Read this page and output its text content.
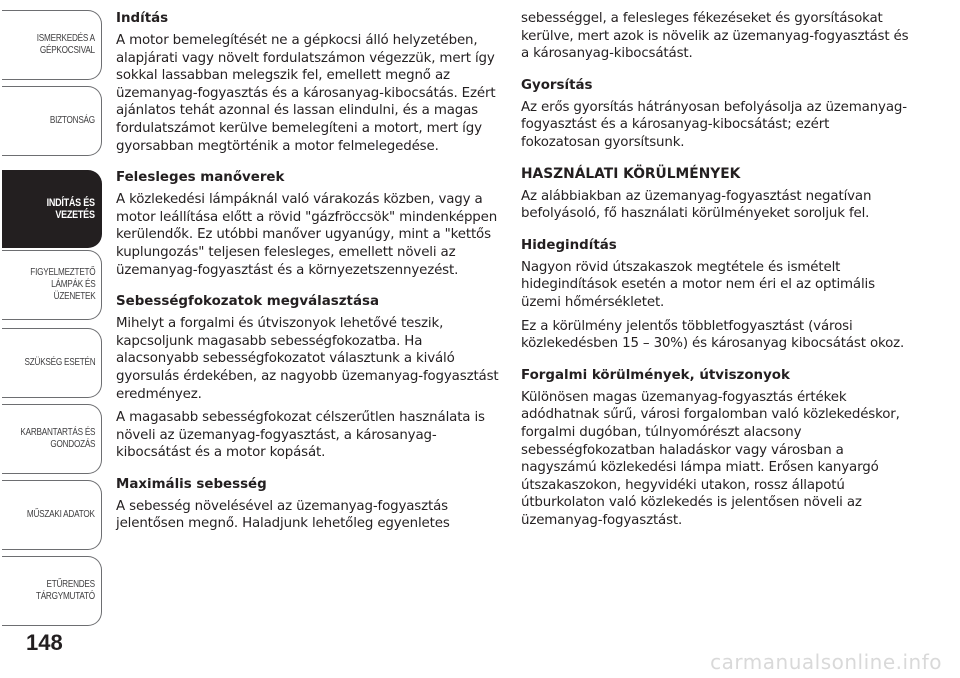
ISMERKEDÉS A
GÉPKOCSIVAL
BIZTONSÁG
INDÍTÁS ÉS
VEZETÉS
FIGYELMEZTETŐ
LÁMPÁK ÉS
ÜZENETEK
SZÜKSÉG ESETÉN
KARBANTARTÁS ÉS
GONDOZÁS
MŰSZAKI ADATOK
ETŰRENDES
TÁRGYMUTATÓ
148
Indítás

A motor bemelegítését ne a gépkocsi álló helyzetében, alapjárati vagy növelt fordulatszámon végezzük, mert így sokkal lassabban melegszik fel, emellett megnő az üzemanyag-fogyasztás és a károsanyag-kibocsátás. Ezért ajánlatos tehát azonnal és lassan elindulni, és a magas fordulatszámot kerülve bemelegíteni a motort, mert így gyorsabban megtörténik a motor felmelegedése.

Felesleges manőverek

A közlekedési lámpáknál való várakozás közben, vagy a motor leállítása előtt a rövid "gázfröccsök" mindenképpen kerülendők. Ez utóbbi manőver ugyanúgy, mint a "kettős kuplungozás" teljesen felesleges, emellett növeli az üzemanyag-fogyasztást és a környezetszennyezést.

Sebességfokozatok megválasztása

Mihelyt a forgalmi és útviszonyok lehetővé teszik, kapcsoljunk magasabb sebességfokozatba. Ha alacsonyabb sebességfokozatot választunk a kiváló gyorsulás érdekében, az nagyobb üzemanyag-fogyasztást eredményez.

A magasabb sebességfokozat célszerűtlen használata is növeli az üzemanyag-fogyasztást, a károsanyag-kibocsátást és a motor kopását.

Maximális sebesség

A sebesség növelésével az üzemanyag-fogyasztás jelentősen megnő. Haladjunk lehetőleg egyenletes

sebességgel, a felesleges fékezéseket és gyorsításokat kerülve, mert azok is növelik az üzemanyag-fogyasztást és a károsanyag-kibocsátást.

Gyorsítás

Az erős gyorsítás hátrányosan befolyásolja az üzemanyag-fogyasztást és a károsanyag-kibocsátást; ezért fokozatosan gyorsítsunk.

HASZNÁLATI KÖRÜLMÉNYEK

Az alábbiakban az üzemanyag-fogyasztást negatívan befolyásoló, fő használati körülményeket soroljuk fel.

Hidegindítás

Nagyon rövid útszakaszok megtétele és ismételt hidegindítások esetén a motor nem éri el az optimális üzemi hőmérsékletet.

Ez a körülmény jelentős többletfogyasztást (városi közlekedésben 15 – 30%) és károsanyag kibocsátást okoz.

Forgalmi körülmények, útviszonyok

Különösen magas üzemanyag-fogyasztás értékek adódhatnak sűrű, városi forgalomban való közlekedéskor, forgalmi dugóban, túlnyomórészt alacsony sebességfokozatban haladáskor vagy városban a nagyszámú közlekedési lámpa miatt. Erősen kanyargó útszakaszokon, hegyvidéki utakon, rossz állapotú útburkolaton való közlekedés is jelentősen növeli az üzemanyag-fogyasztást.

carmanualsonline.info
